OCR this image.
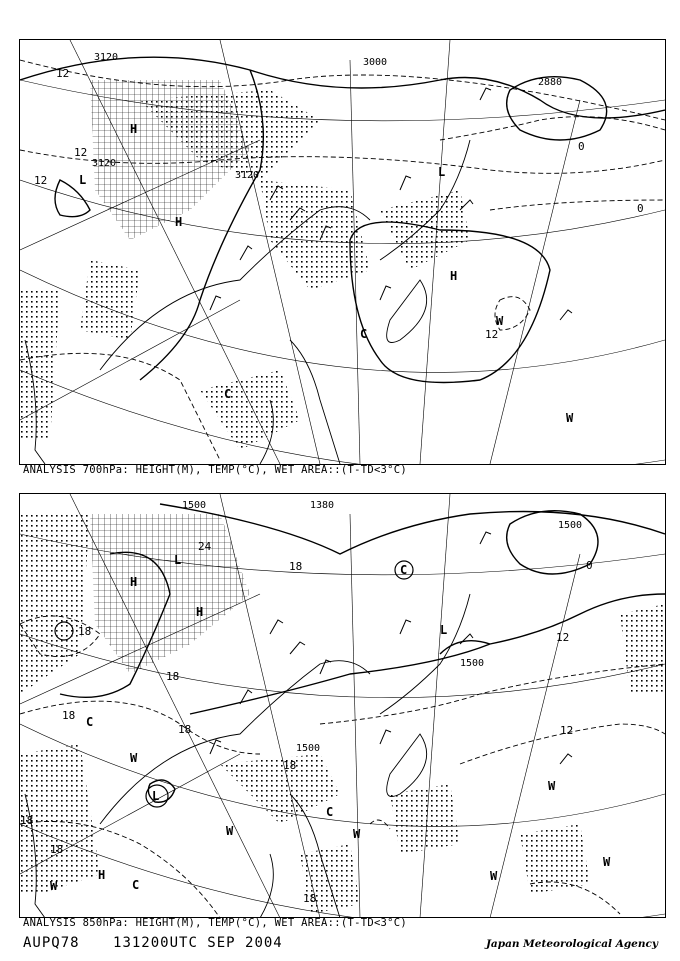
3120
3120
3120
3000
2880
12
12
12
12
0
0
H
H
H
L
L
C
C
W
W
ANALYSIS 700hPa: HEIGHT(M), TEMP(°C), WET AREA::(T-TD<3°C)
1500	1380
1500
1500
1500
18
24
18
18
18
18
18
12
12
18
0
18
18
H
H
H
L
L
L
C
C
C
C
W
W
W
W
W
W
W
ANALYSIS 850hPa: HEIGHT(M), TEMP(°C), WET AREA::(T-TD<3°C)
AUPQ78 131200UTC SEP 2004	Japan Meteorological Agency
